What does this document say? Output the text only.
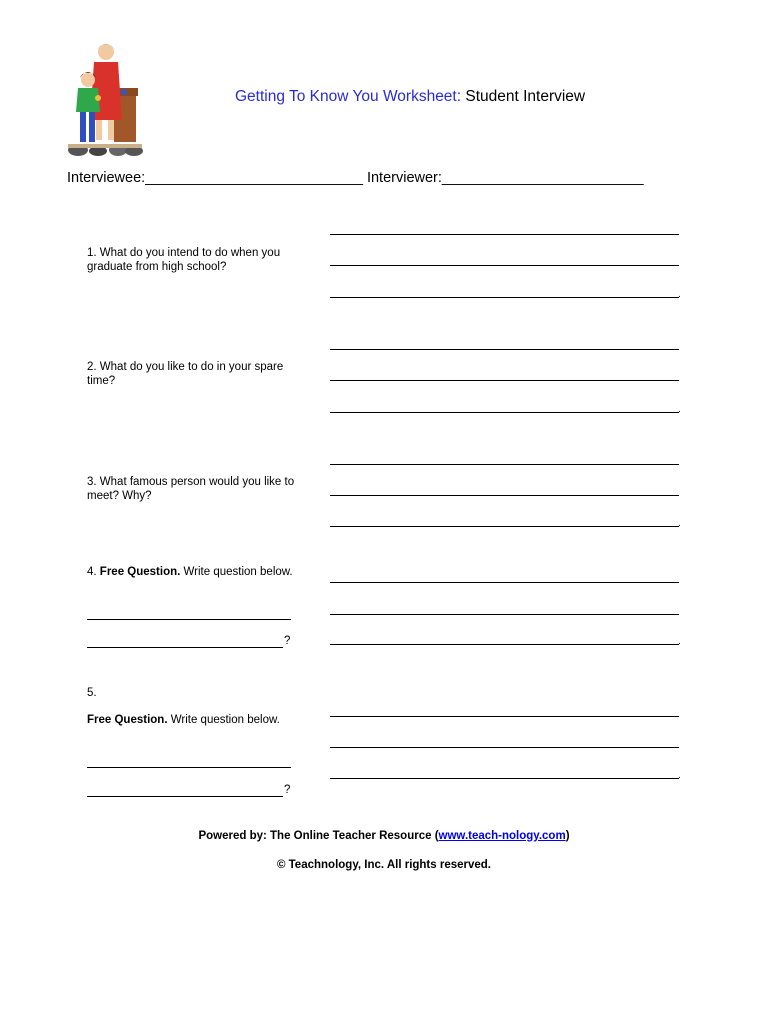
Getting To Know You Worksheet: Student Interview
Interviewee:___________________________ Interviewer:_________________________
1. What do you intend to do when you graduate from high school?
.
2. What do you like to do in your spare time?
.
3. What famous person would you like to meet? Why?
.
4. Free Question. Write question below.
?	.
5.
Free Question. Write question below.
?
.
Powered by: The Online Teacher Resource (www.teach-nology.com)
© Teachnology, Inc. All rights reserved.
